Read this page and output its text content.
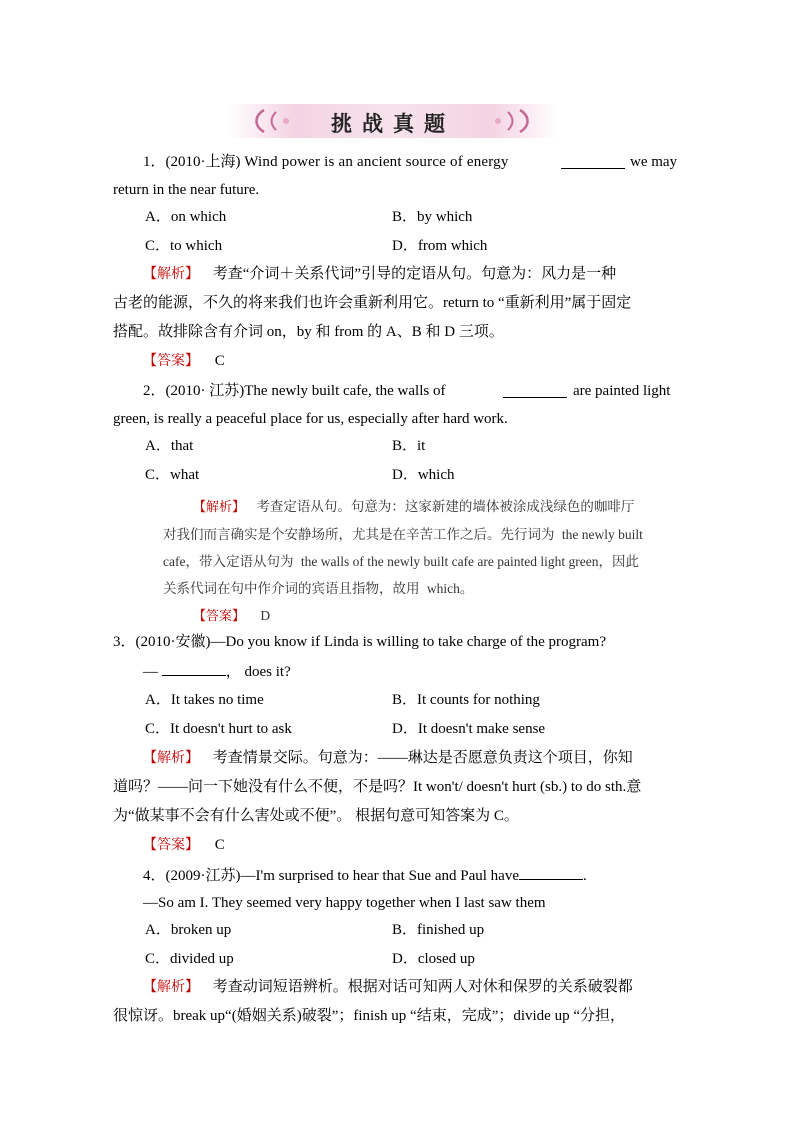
挑战真题
1．(2010·上海) Wind power is an ancient source of energy	we may
return in the near future.
A．on which	B．by which
C．to which	D．from which
【解析】 考查“介词＋关系代词”引导的定语从句。句意为：风力是一种
古老的能源，不久的将来我们也许会重新利用它。return to “重新利用”属于固定
搭配。故排除含有介词 on，by 和 from 的 A、B 和 D 三项。
【答案】 C
2．(2010· 江苏)The newly built cafe, the walls of	are painted light
green, is really a peaceful place for us, especially after hard work.
A．that	B．it
C．what	D．which
【解析】 考查定语从句。句意为：这家新建的墙体被涂成浅绿色的咖啡厅
对我们而言确实是个安静场所，尤其是在辛苦工作之后。先行词为 the newly built
cafe，带入定语从句为 the walls of the newly built cafe are painted light green，因此
关系代词在句中作介词的宾语且指物，故用 which。
【答案】 D
3．(2010·安徽)—Do you know if Linda is willing to take charge of the program?
—	， does it?
A．It takes no time	B．It counts for nothing
C．It doesn't hurt to ask	D．It doesn't make sense
【解析】 考查情景交际。句意为：——琳达是否愿意负责这个项目，你知
道吗？——问一下她没有什么不便，不是吗？It won't/ doesn't hurt (sb.) to do sth.意
为“做某事不会有什么害处或不便”。 根据句意可知答案为 C。
【答案】 C
4．(2009·江苏)—I'm surprised to hear that Sue and Paul have	.
—So am I. They seemed very happy together when I last saw them
A．broken up	B．finished up
C．divided up	D．closed up
【解析】 考查动词短语辨析。根据对话可知两人对休和保罗的关系破裂都
很惊讶。break up“(婚姻关系)破裂”；finish up “结束，完成”；divide up “分担，
